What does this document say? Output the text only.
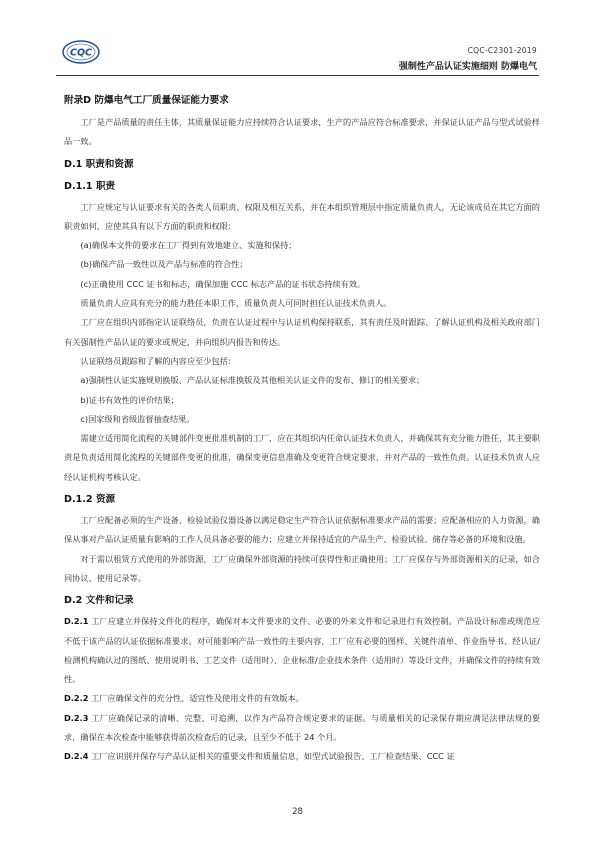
CQC	CQC-C2301-2019
强制性产品认证实施细则 防爆电气
附录D 防爆电气工厂质量保证能力要求

工厂是产品质量的责任主体，其质量保证能力应持续符合认证要求，生产的产品应符合标准要求，并保证认证产品与型式试验样品一致。

D.1 职责和资源
D.1.1 职责

工厂应规定与认证要求有关的各类人员职责、权限及相互关系，并在本组织管理层中指定质量负责人，无论该成员在其它方面的职责如何，应使其具有以下方面的职责和权限：

(a)确保本文件的要求在工厂得到有效地建立、实施和保持；

(b)确保产品一致性以及产品与标准的符合性；

(c)正确使用 CCC 证书和标志，确保加施 CCC 标志产品的证书状态持续有效。

质量负责人应具有充分的能力胜任本职工作，质量负责人可同时担任认证技术负责人。

工厂应在组织内部指定认证联络员，负责在认证过程中与认证机构保持联系，其有责任及时跟踪、了解认证机构及相关政府部门有关强制性产品认证的要求或规定，并向组织内报告和传达。

认证联络员跟踪和了解的内容应至少包括：

a)强制性认证实施规则换版、产品认证标准换版及其他相关认证文件的发布、修订的相关要求；

b)证书有效性的评价结果；

c)国家级和省级监督抽查结果。

需建立适用简化流程的关键部件变更批准机制的工厂，应在其组织内任命认证技术负责人，并确保其有充分能力胜任，其主要职责是负责适用简化流程的关键部件变更的批准，确保变更信息准确及变更符合规定要求，并对产品的一致性负责。认证技术负责人应经认证机构考核认定。

D.1.2 资源

工厂应配备必须的生产设备、检验试验仪器设备以满足稳定生产符合认证依据标准要求产品的需要；应配备相应的人力资源，确保从事对产品认证质量有影响的工作人员具备必要的能力；应建立并保持适宜的产品生产、检验试验、储存等必备的环境和设施。

对于需以租赁方式使用的外部资源，工厂应确保外部资源的持续可获得性和正确使用；工厂应保存与外部资源相关的记录，如合同协议、使用记录等。

D.2 文件和记录

D.2.1 工厂应建立并保持文件化的程序，确保对本文件要求的文件、必要的外来文件和记录进行有效控制。产品设计标准或规范应不低于该产品的认证依据标准要求。对可能影响产品一致性的主要内容，工厂应有必要的图样、关键件清单、作业指导书、经认证/检测机构确认过的图纸、使用说明书、工艺文件（适用时）、企业标准/企业技术条件（适用时）等设计文件，并确保文件的持续有效性。

D.2.2 工厂应确保文件的充分性、适宜性及使用文件的有效版本。

D.2.3 工厂应确保记录的清晰、完整、可追溯，以作为产品符合规定要求的证据。与质量相关的记录保存期应满足法律法规的要求，确保在本次检查中能够获得前次检查后的记录，且至少不低于 24 个月。

D.2.4 工厂应识别并保存与产品认证相关的重要文件和质量信息，如型式试验报告、工厂检查结果、CCC 证

28
